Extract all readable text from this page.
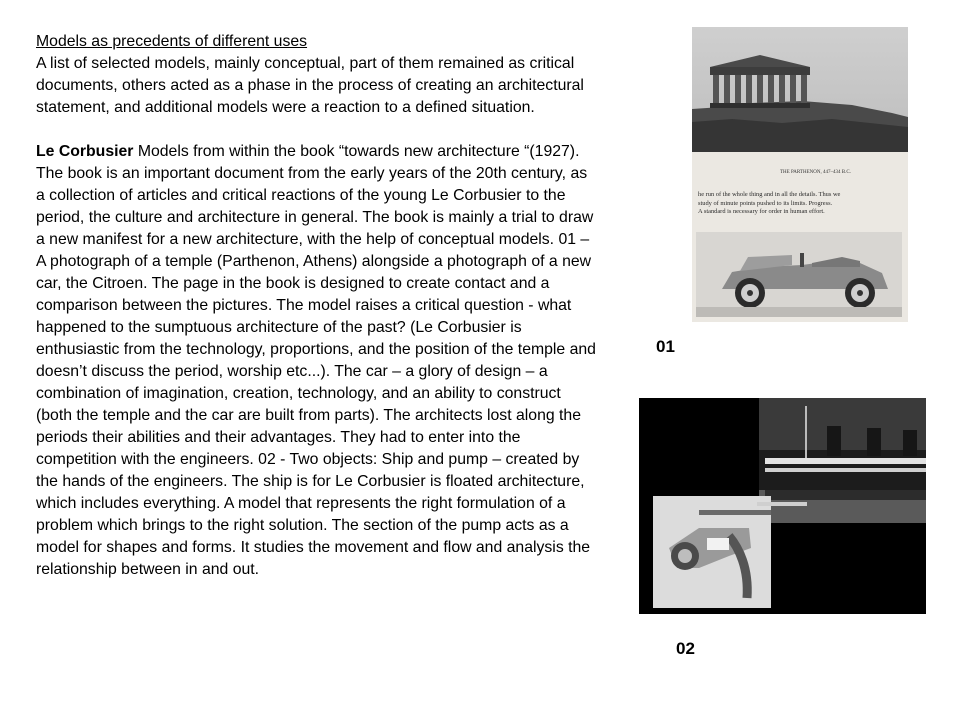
Models as precedents of different uses

A list of selected models, mainly conceptual, part of them remained as critical documents, others acted as a phase in the process of creating an architectural statement, and additional models were a reaction to a defined situation.

Le Corbusier Models from within the book “towards new architecture “(1927). The book is an important document from the early years of the 20th century, as a collection of articles and critical reactions of the young Le Corbusier to the period, the culture and architecture in general. The book is mainly a trial to draw a new manifest for a new architecture, with the help of conceptual models. 01 – A photograph of a temple (Parthenon, Athens) alongside a photograph of a new car, the Citroen. The page in the book is designed to create contact and a comparison between the pictures. The model raises a critical question - what happened to the sumptuous architecture of the past? (Le Corbusier is enthusiastic from the technology, proportions, and the position of the temple and doesn’t discuss the period, worship etc...). The car – a glory of design – a combination of imagination, creation, technology, and an ability to construct (both the temple and the car are built from parts). The architects lost along the periods their abilities and their advantages. They had to enter into the competition with the engineers. 02 - Two objects: Ship and pump – created by the hands of the engineers. The ship is for Le Corbusier is floated architecture, which includes everything. A model that represents the right formulation of a problem which brings to the right solution. The section of the pump acts as a model for shapes and forms. It studies the movement and flow and analysis the relationship between in and out.

THE PARTHENON, 447–434 B.C.
he run of the whole thing and in all the details. Thus we
study of minute points pushed to its limits. Progress.
A standard is necessary for order in human effort.
01
02
